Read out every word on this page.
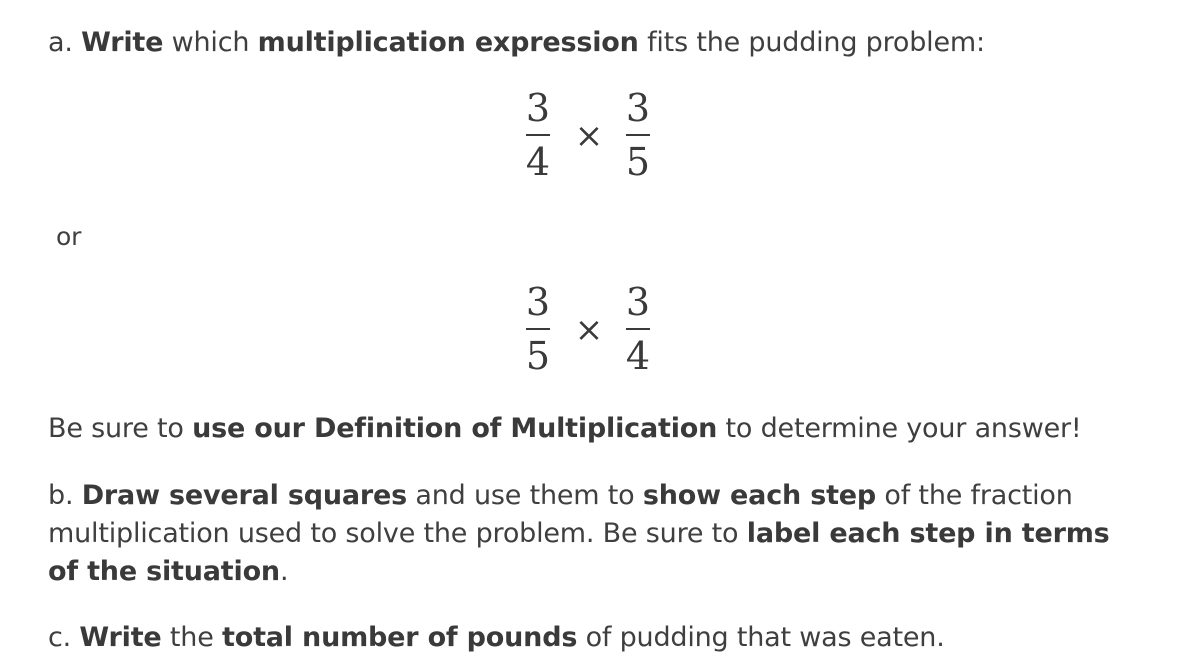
a. Write which multiplication expression fits the pudding problem:
3
4
×
3
5
or
3
5
×
3
4
Be sure to use our Definition of Multiplication to determine your answer!
b. Draw several squares and use them to show each step of the fraction multiplication used to solve the problem. Be sure to label each step in terms of the situation.
c. Write the total number of pounds of pudding that was eaten.
